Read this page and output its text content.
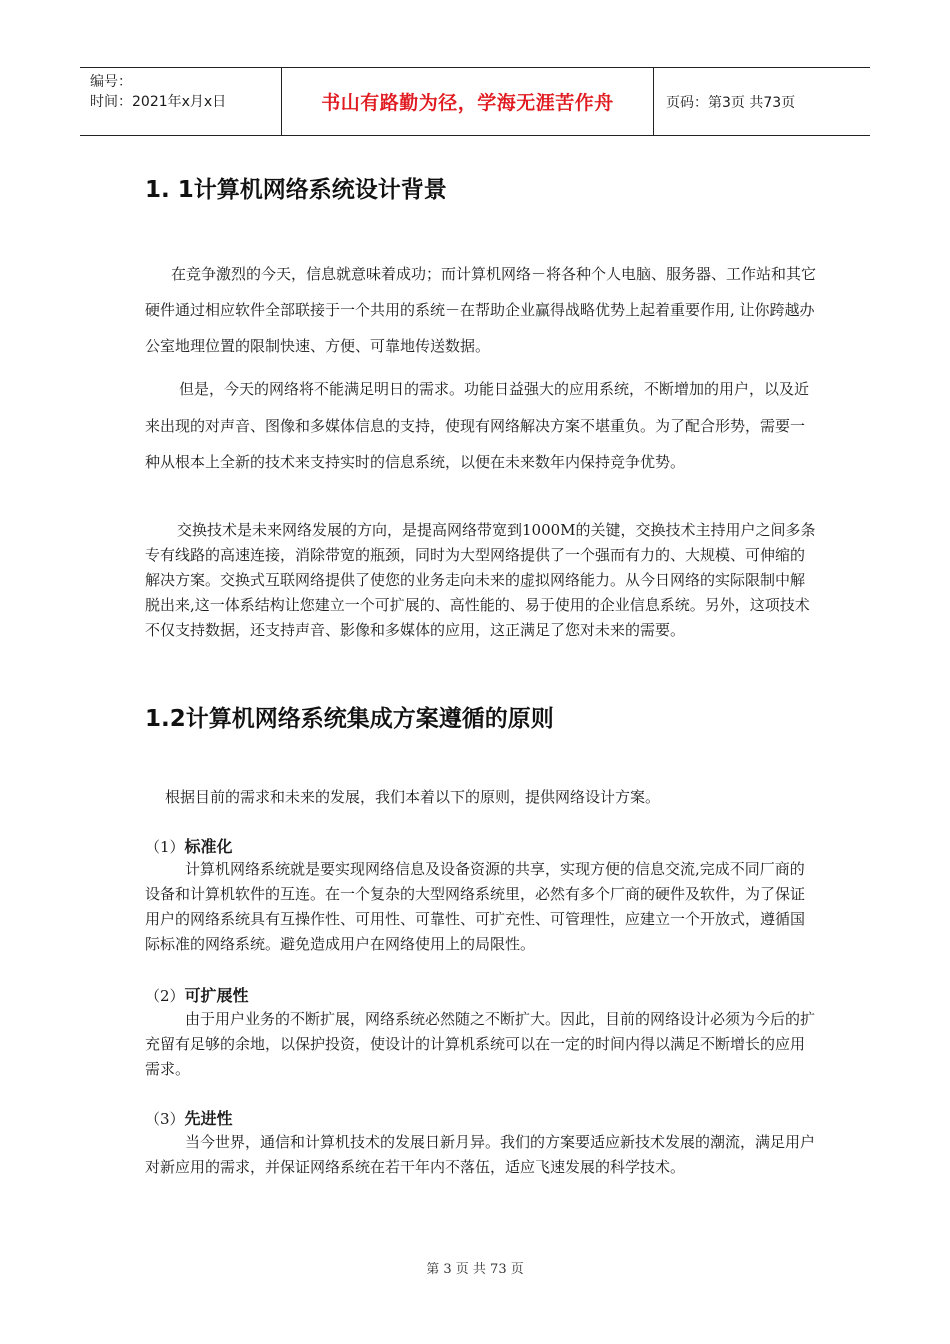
编号：
时间：2021年x月x日	书山有路勤为径，学海无涯苦作舟	页码：第3页 共73页
1. 1计算机网络系统设计背景

在竞争激烈的今天，信息就意味着成功；而计算机网络－将各种个人电脑、服务器、工作站和其它硬件通过相应软件全部联接于一个共用的系统－在帮助企业赢得战略优势上起着重要作用, 让你跨越办公室地理位置的限制快速、方便、可靠地传送数据。

但是，今天的网络将不能满足明日的需求。功能日益强大的应用系统，不断增加的用户，以及近来出现的对声音、图像和多媒体信息的支持，使现有网络解决方案不堪重负。为了配合形势，需要一种从根本上全新的技术来支持实时的信息系统，以便在未来数年内保持竞争优势。

交换技术是未来网络发展的方向，是提高网络带宽到1000M的关键，交换技术主持用户之间多条专有线路的高速连接，消除带宽的瓶颈，同时为大型网络提供了一个强而有力的、大规模、可伸缩的解决方案。交换式互联网络提供了使您的业务走向未来的虚拟网络能力。从今日网络的实际限制中解脱出来,这一体系结构让您建立一个可扩展的、高性能的、易于使用的企业信息系统。另外，这项技术不仅支持数据，还支持声音、影像和多媒体的应用，这正满足了您对未来的需要。

1.2计算机网络系统集成方案遵循的原则

根据目前的需求和未来的发展，我们本着以下的原则，提供网络设计方案。

（1）标准化

计算机网络系统就是要实现网络信息及设备资源的共享，实现方便的信息交流,完成不同厂商的设备和计算机软件的互连。在一个复杂的大型网络系统里，必然有多个厂商的硬件及软件，为了保证用户的网络系统具有互操作性、可用性、可靠性、可扩充性、可管理性，应建立一个开放式，遵循国际标准的网络系统。避免造成用户在网络使用上的局限性。

（2）可扩展性

由于用户业务的不断扩展，网络系统必然随之不断扩大。因此，目前的网络设计必须为今后的扩充留有足够的余地，以保护投资，使设计的计算机系统可以在一定的时间内得以满足不断增长的应用需求。

（3）先进性

当今世界，通信和计算机技术的发展日新月异。我们的方案要适应新技术发展的潮流，满足用户对新应用的需求，并保证网络系统在若干年内不落伍，适应飞速发展的科学技术。

第 3 页 共 73 页
